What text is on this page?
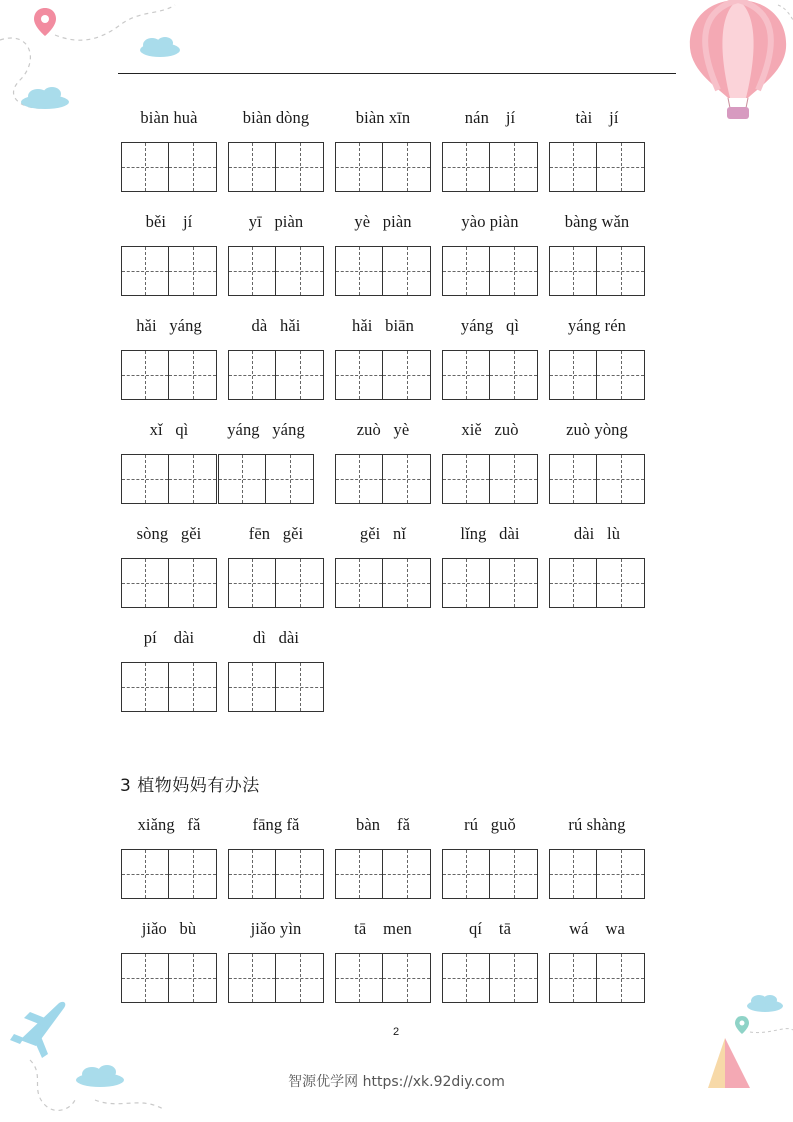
biàn huà	biàn dòng	biàn xīn	nán    jí	tài    jí
běi    jí	yī   piàn	yè   piàn	yào piàn	bàng wǎn
hǎi   yáng	dà   hǎi	hǎi   biān	yáng   qì	yáng rén
xǐ   qì	yáng   yáng	zuò   yè	xiě   zuò	zuò yòng
sòng   gěi	fēn   gěi	gěi   nǐ	lǐng   dài	dài   lù
pí    dài	dì   dài
3 植物妈妈有办法
xiǎng   fǎ	fāng fǎ	bàn    fǎ	rú   guǒ	rú shàng
jiǎo   bù	jiǎo yìn	tā    men	qí    tā	wá    wa
2
智源优学网 https://xk.92diy.com
